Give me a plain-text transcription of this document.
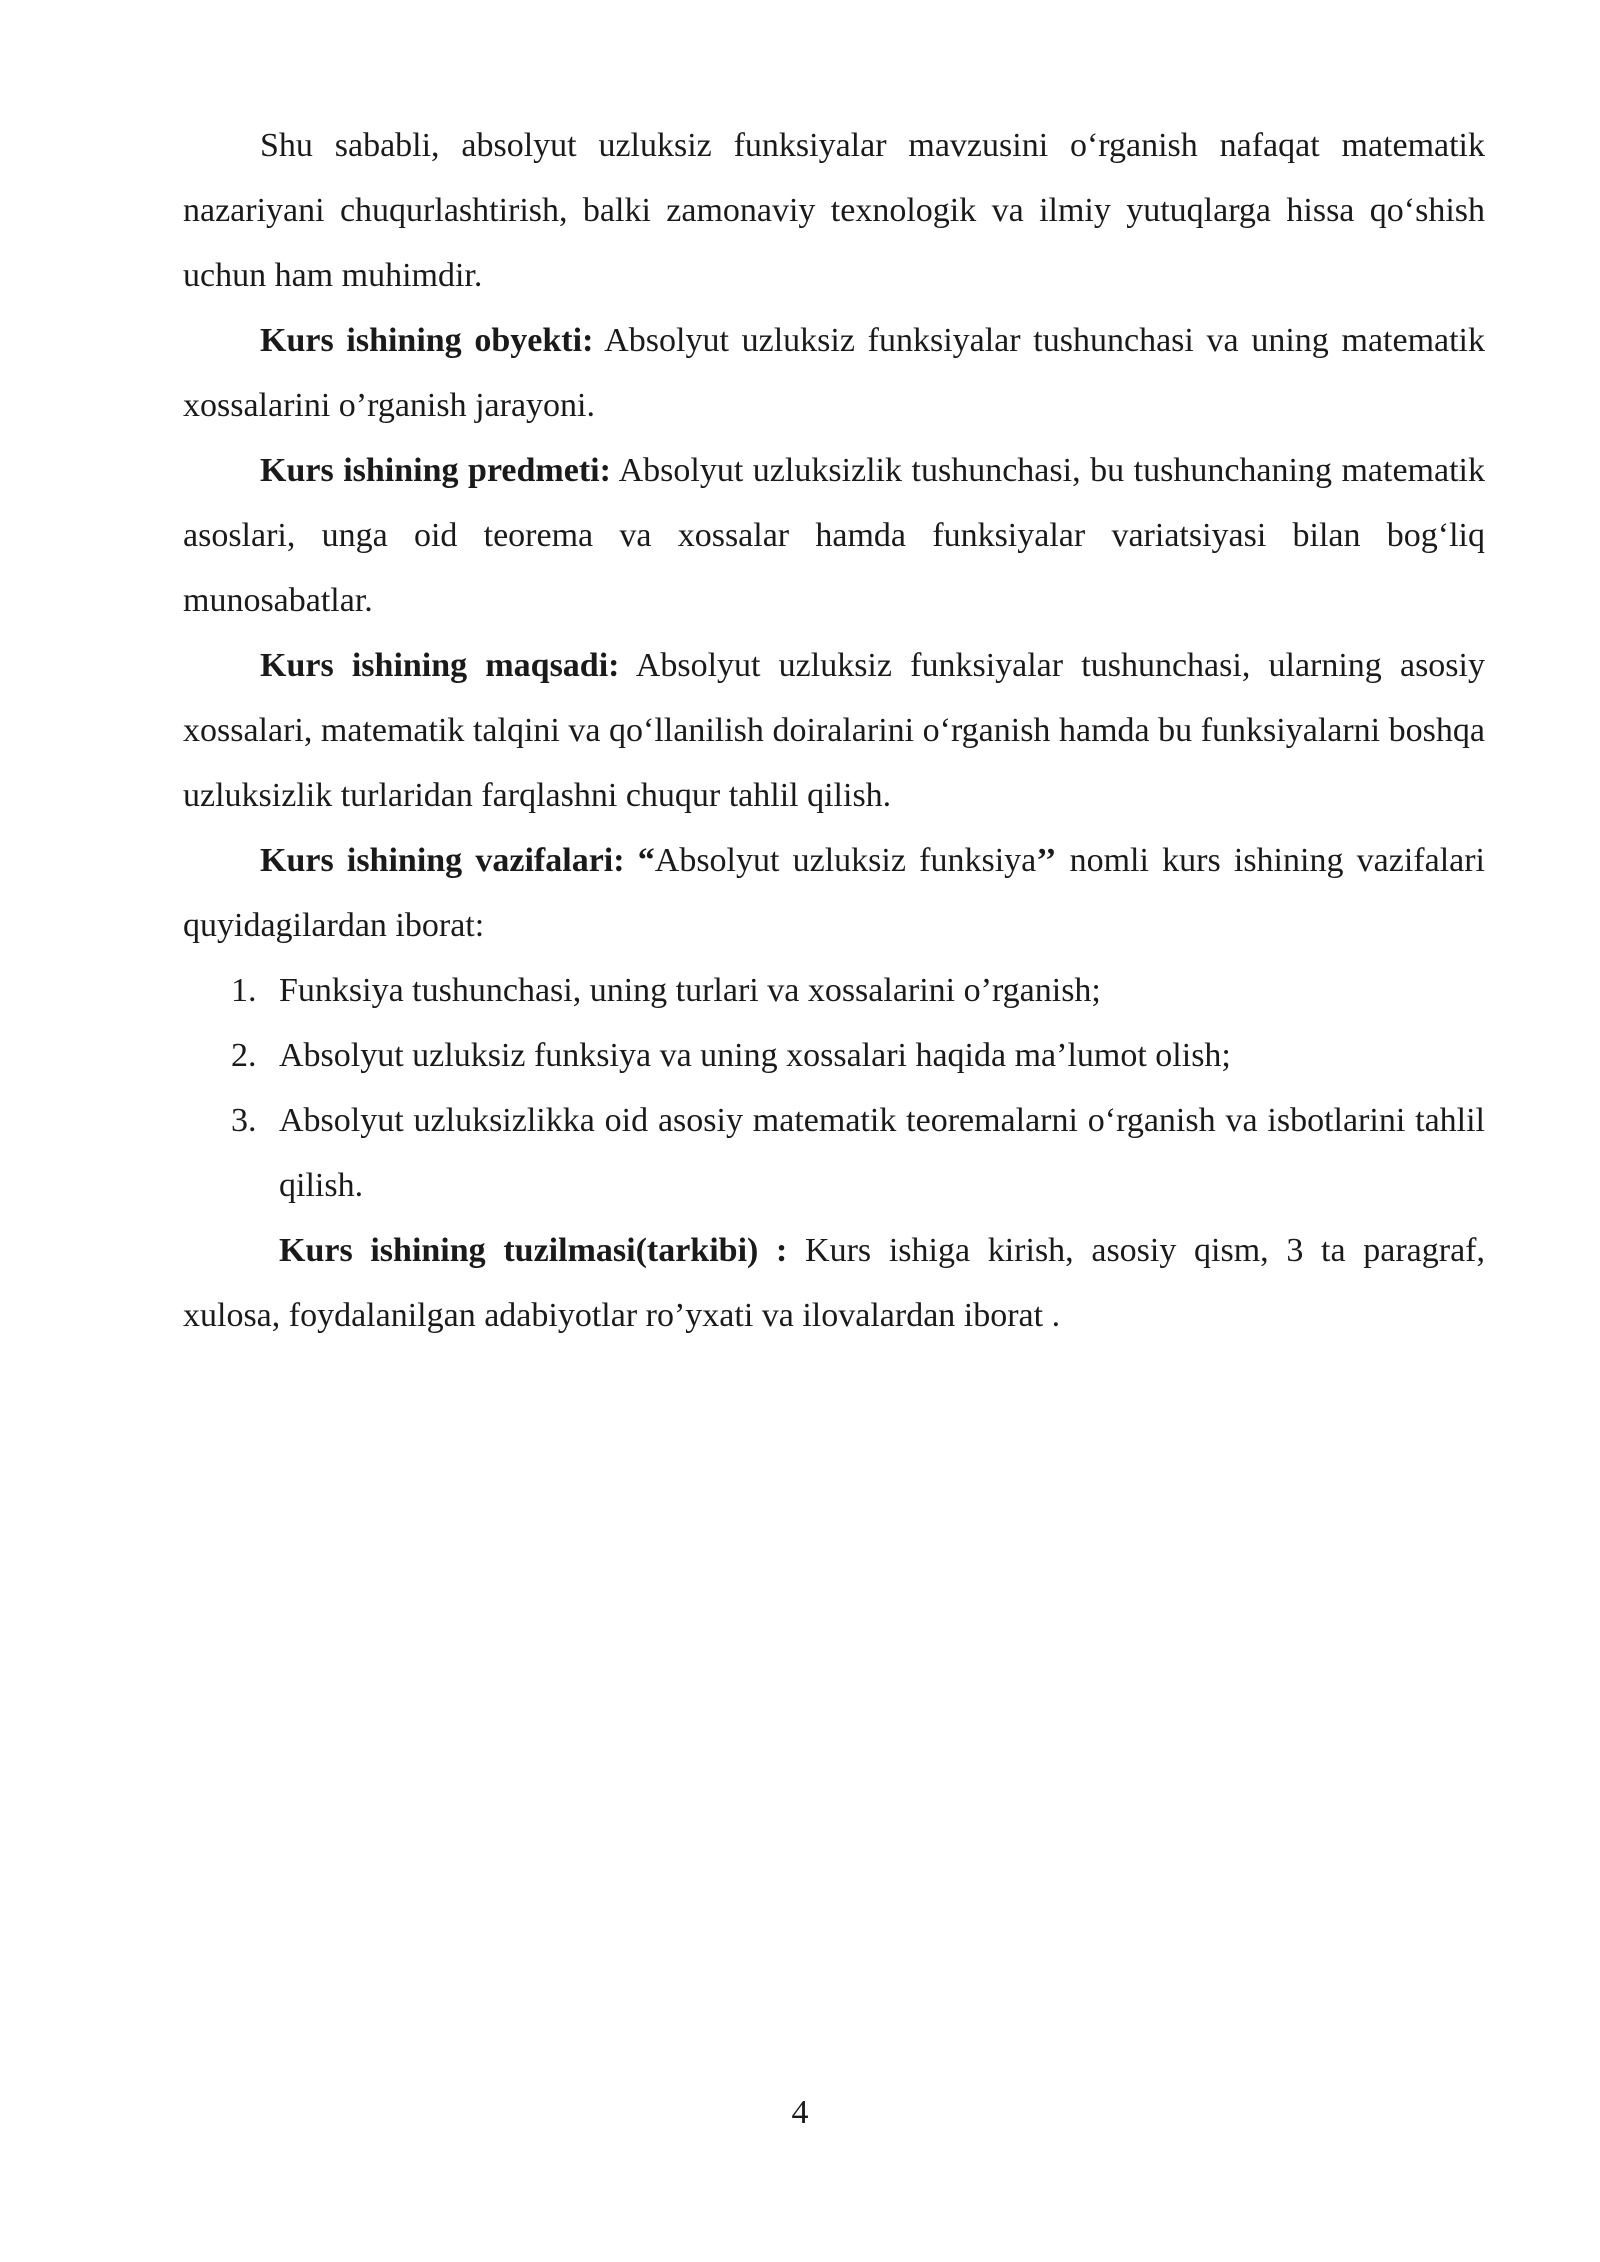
Shu sababli, absolyut uzluksiz funksiyalar mavzusini o‘rganish nafaqat matematik nazariyani chuqurlashtirish, balki zamonaviy texnologik va ilmiy yutuqlarga hissa qo‘shish uchun ham muhimdir.

Kurs ishining obyekti: Absolyut uzluksiz funksiyalar tushunchasi va uning matematik xossalarini o’rganish jarayoni.

Kurs ishining predmeti: Absolyut uzluksizlik tushunchasi, bu tushunchaning matematik asoslari, unga oid teorema va xossalar hamda funksiyalar variatsiyasi bilan bog‘liq munosabatlar.

Kurs ishining maqsadi: Absolyut uzluksiz funksiyalar tushunchasi, ularning asosiy xossalari, matematik talqini va qo‘llanilish doiralarini o‘rganish hamda bu funksiyalarni boshqa uzluksizlik turlaridan farqlashni chuqur tahlil qilish.

Kurs ishining vazifalari: “Absolyut uzluksiz funksiya’’ nomli kurs ishining vazifalari quyidagilardan iborat:

1. Funksiya tushunchasi, uning turlari va xossalarini o’rganish;
2. Absolyut uzluksiz funksiya va uning xossalari haqida ma’lumot olish;
3. Absolyut uzluksizlikka oid asosiy matematik teoremalarni o‘rganish va isbotlarini tahlil qilish.

Kurs ishining tuzilmasi(tarkibi) : Kurs ishiga kirish, asosiy qism, 3 ta paragraf, xulosa, foydalanilgan adabiyotlar ro’yxati va ilovalardan iborat .

4
